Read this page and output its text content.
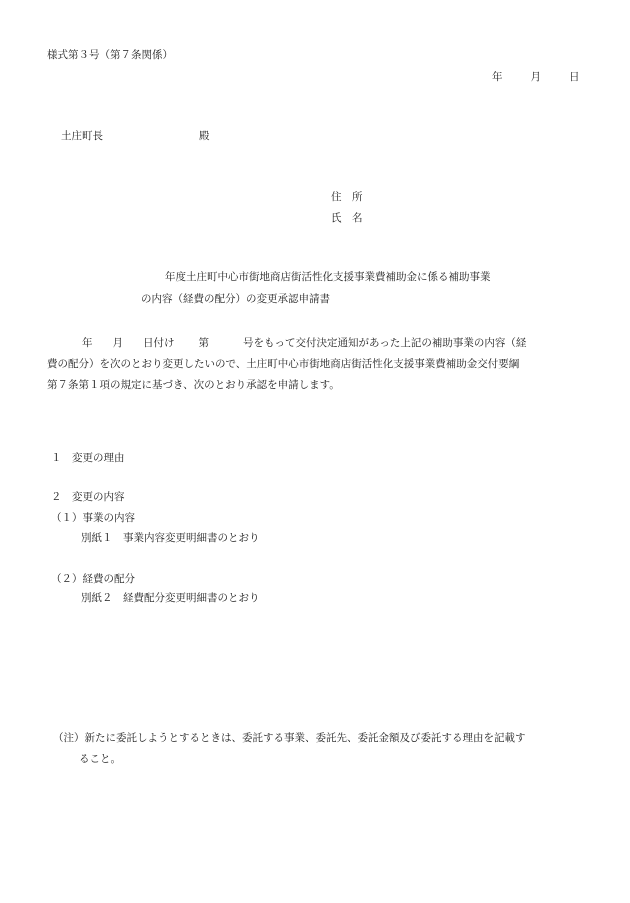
様式第３号（第７条関係）
年	月	日
土庄町長	殿
住　所
氏　名
年度土庄町中心市街地商店街活性化支援事業費補助金に係る補助事業
の内容（経費の配分）の変更承認申請書
年 月 日付け 第	号をもって交付決定通知があった上記の補助事業の内容（経
費の配分）を次のとおり変更したいので、土庄町中心市街地商店街活性化支援事業費補助金交付要綱
第７条第１項の規定に基づき、次のとおり承認を申請します。
１　変更の理由
２　変更の内容
（１）事業の内容
別紙１　事業内容変更明細書のとおり
（２）経費の配分
別紙２　経費配分変更明細書のとおり
（注）新たに委託しようとするときは、委託する事業、委託先、委託金額及び委託する理由を記載す
ること。
